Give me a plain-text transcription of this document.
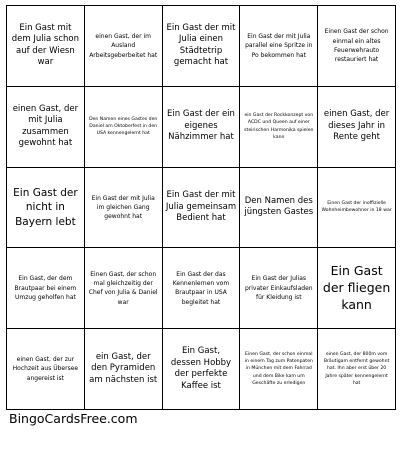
Ein Gast mit dem Julia schon auf der Wiesn war
einen Gast, der im Ausland Arbeitsgeberbeitet hat
Ein Gast der mit Julia einen Städtetrip gemacht hat
Ein Gast der mit Julia parallel eine Spritze in Po bekommen hat
Einen Gast der schon einmal ein altes Feuerwehrauto restauriert hat
einen Gast, der mit Julia zusammen gewohnt hat
Den Namen eines Gastes den Daniel am Oktoberfest in den USA kennengelernt hat
Ein Gast der ein eigenes Nähzimmer hat
ein Gast der Rockkonzept von ACDC und Queen auf einer steirischen Harmonika spielen kann
einen Gast, der dieses Jahr in Rente geht
Ein Gast der nicht in Bayern lebt
Ein Gast der mit Julia im gleichen Gang gewohnt hat
Ein Gast der mit Julia gemeinsam Bedient hat
Den Namen des jüngsten Gastes
Einen Gast der inoffizielle Wohnheimbewohner in 18 war
Ein Gast, der dem Brautpaar bei einem Umzug geholfen hat
Einen Gast, der schon mal gleichzeitig der Chef von Julia & Daniel war
Ein Gast der das Kennenlernen vom Brautpaar in USA begleitet hat
Ein Gast der Julias privater Einkaufsladen für Kleidung ist
Ein Gast der fliegen kann
einen Gast, der zur Hochzeit aus Übersee angereist ist
ein Gast, der den Pyramiden am nächsten ist
Ein Gast, dessen Hobby der perfekte Kaffee ist
Einen Gast, der schon einmal in einem Tag zum Patenpaten in München mit dem Fahrrad und dem Bike kam um Geschäfte zu erledigen
einen Gast, der 800m vom Bräutigam entfernt gewohnt hat. Ihn aber erst über 20 Jahre später kennengelernt hat
BingoCardsFree.com
